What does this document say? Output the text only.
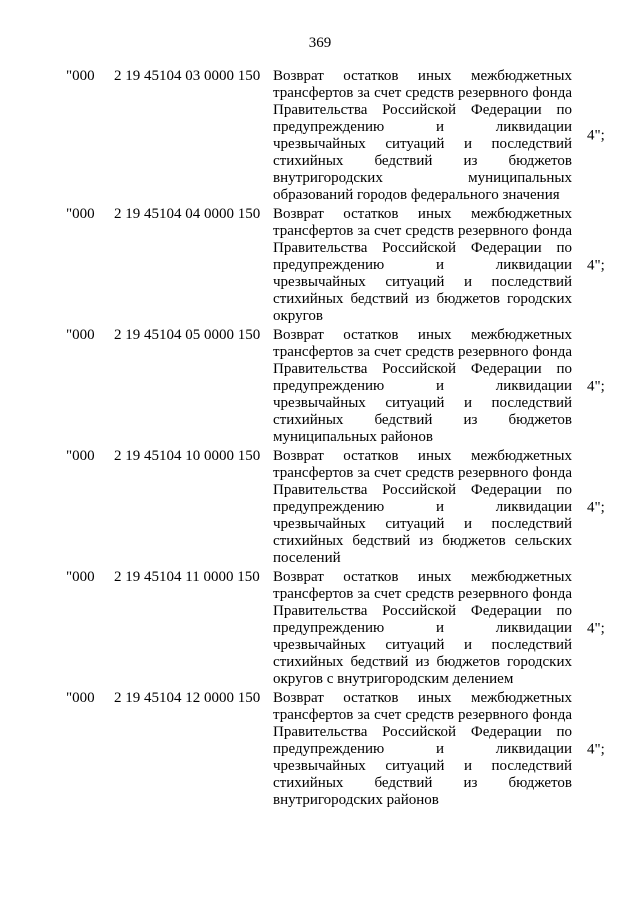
369
"000 2 19 45104 03 0000 150 Возврат остатков иных межбюджетных трансфертов за счет средств резервного фонда Правительства Российской Федерации по предупреждению и ликвидации чрезвычайных ситуаций и последствий стихийных бедствий из бюджетов внутригородских муниципальных образований городов федерального значения
4";
"000 2 19 45104 04 0000 150 Возврат остатков иных межбюджетных трансфертов за счет средств резервного фонда Правительства Российской Федерации по предупреждению и ликвидации чрезвычайных ситуаций и последствий стихийных бедствий из бюджетов городских округов
4";
"000 2 19 45104 05 0000 150 Возврат остатков иных межбюджетных трансфертов за счет средств резервного фонда Правительства Российской Федерации по предупреждению и ликвидации чрезвычайных ситуаций и последствий стихийных бедствий из бюджетов муниципальных районов
4";
"000 2 19 45104 10 0000 150 Возврат остатков иных межбюджетных трансфертов за счет средств резервного фонда Правительства Российской Федерации по предупреждению и ликвидации чрезвычайных ситуаций и последствий стихийных бедствий из бюджетов сельских поселений
4";
"000 2 19 45104 11 0000 150 Возврат остатков иных межбюджетных трансфертов за счет средств резервного фонда Правительства Российской Федерации по предупреждению и ликвидации чрезвычайных ситуаций и последствий стихийных бедствий из бюджетов городских округов с внутригородским делением
4";
"000 2 19 45104 12 0000 150 Возврат остатков иных межбюджетных трансфертов за счет средств резервного фонда Правительства Российской Федерации по предупреждению и ликвидации чрезвычайных ситуаций и последствий стихийных бедствий из бюджетов внутригородских районов
4";
